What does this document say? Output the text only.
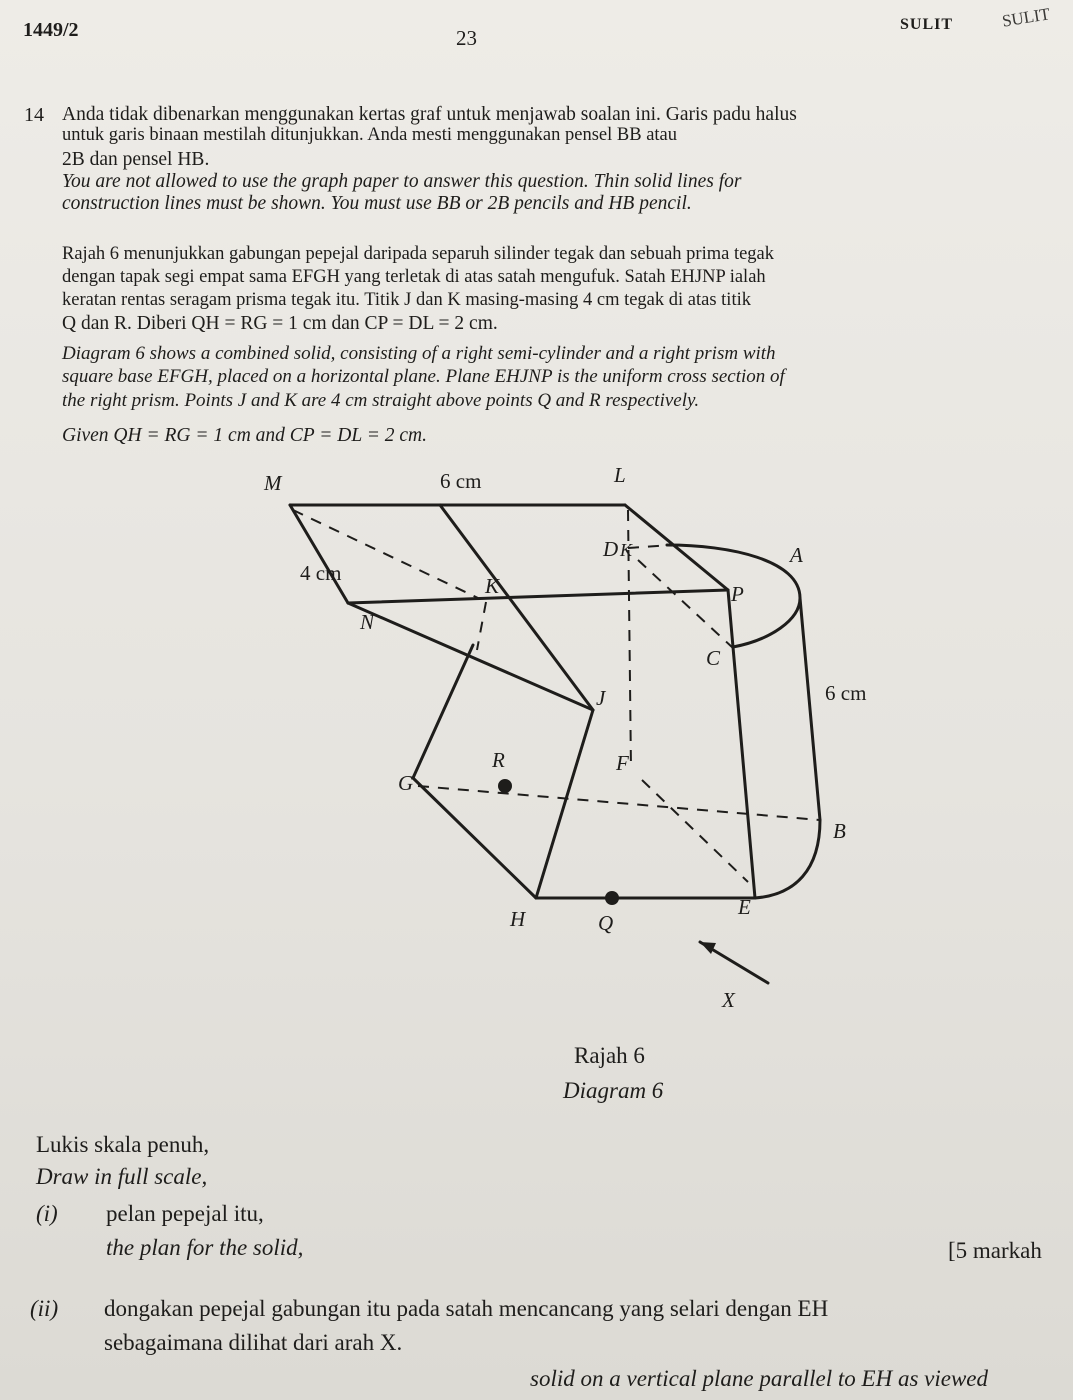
1449/2	23
SULIT	SULIT
14 Anda tidak dibenarkan menggunakan kertas graf untuk menjawab soalan ini. Garis padu halus
untuk garis binaan mestilah ditunjukkan. Anda mesti menggunakan pensel BB atau
2B dan pensel HB.
You are not allowed to use the graph paper to answer this question. Thin solid lines for
construction lines must be shown. You must use BB or 2B pencils and HB pencil.
Rajah 6 menunjukkan gabungan pepejal daripada separuh silinder tegak dan sebuah prima tegak
dengan tapak segi empat sama EFGH yang terletak di atas satah mengufuk. Satah EHJNP ialah
keratan rentas seragam prisma tegak itu. Titik J dan K masing-masing 4 cm tegak di atas titik
Q dan R. Diberi QH = RG = 1 cm dan CP = DL = 2 cm.
Diagram 6 shows a combined solid, consisting of a right semi-cylinder and a right prism with
square base EFGH, placed on a horizontal plane. Plane EHJNP is the uniform cross section of
the right prism. Points J and K are 4 cm straight above points Q and R respectively.
Given QH = RG = 1 cm and CP = DL = 2 cm.
M	L
D K	A
P
K
N
C
J
R	F
G
B
H	Q
E
X
6 cm
4 cm
6 cm
Rajah 6
Diagram 6
Lukis skala penuh,
Draw in full scale,
(i) pelan pepejal itu,
the plan for the solid,	[5 markah
(ii) dongakan pepejal gabungan itu pada satah mencancang yang selari dengan EH
sebagaimana dilihat dari arah X.
solid on a vertical plane parallel to EH as viewed
